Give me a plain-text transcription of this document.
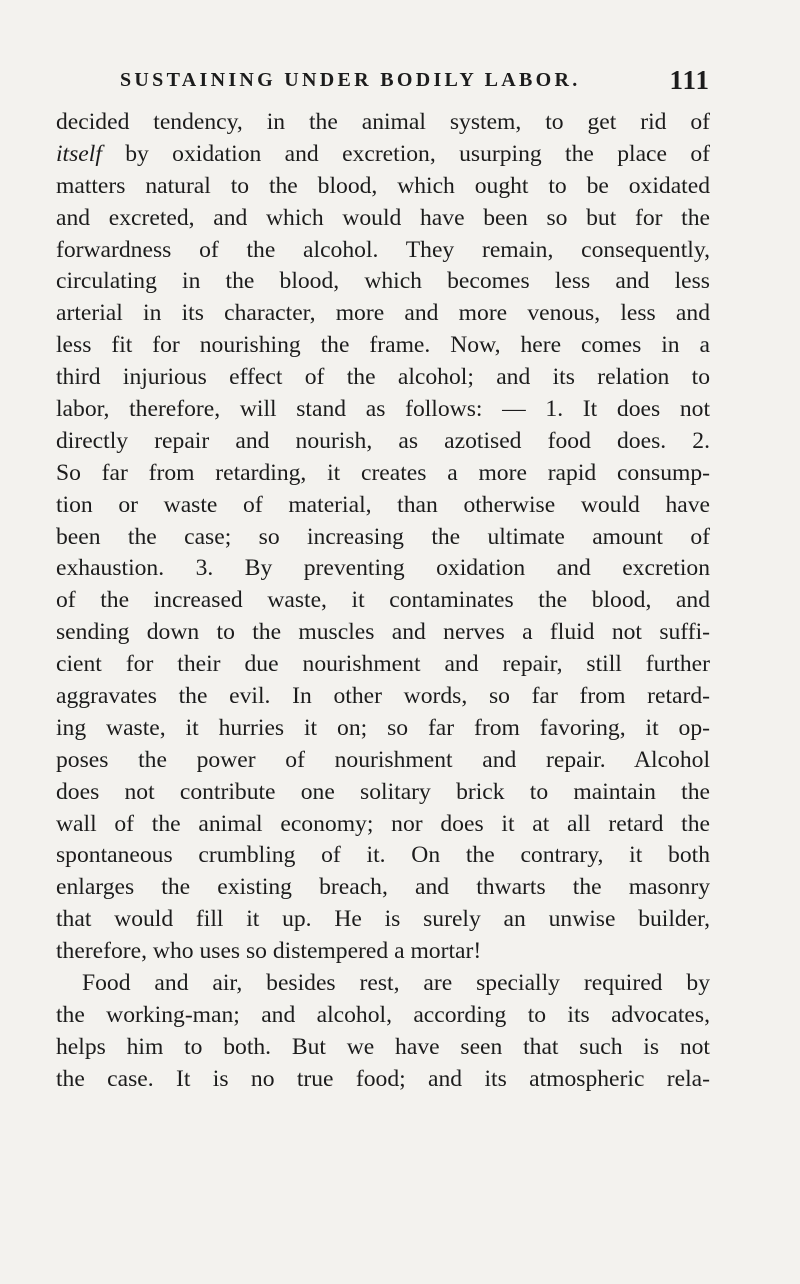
SUSTAINING UNDER BODILY LABOR.	111
decided tendency, in the animal system, to get rid of
itself by oxidation and excretion, usurping the place of
matters natural to the blood, which ought to be oxidated
and excreted, and which would have been so but for the
forwardness of the alcohol. They remain, consequently,
circulating in the blood, which becomes less and less
arterial in its character, more and more venous, less and
less fit for nourishing the frame. Now, here comes in a
third injurious effect of the alcohol; and its relation to
labor, therefore, will stand as follows: — 1. It does not
directly repair and nourish, as azotised food does. 2.
So far from retarding, it creates a more rapid consump-
tion or waste of material, than otherwise would have
been the case; so increasing the ultimate amount of
exhaustion. 3. By preventing oxidation and excretion
of the increased waste, it contaminates the blood, and
sending down to the muscles and nerves a fluid not suffi-
cient for their due nourishment and repair, still further
aggravates the evil. In other words, so far from retard-
ing waste, it hurries it on; so far from favoring, it op-
poses the power of nourishment and repair. Alcohol
does not contribute one solitary brick to maintain the
wall of the animal economy; nor does it at all retard the
spontaneous crumbling of it. On the contrary, it both
enlarges the existing breach, and thwarts the masonry
that would fill it up. He is surely an unwise builder,
therefore, who uses so distempered a mortar!
Food and air, besides rest, are specially required by
the working-man; and alcohol, according to its advocates,
helps him to both. But we have seen that such is not
the case. It is no true food; and its atmospheric rela-
